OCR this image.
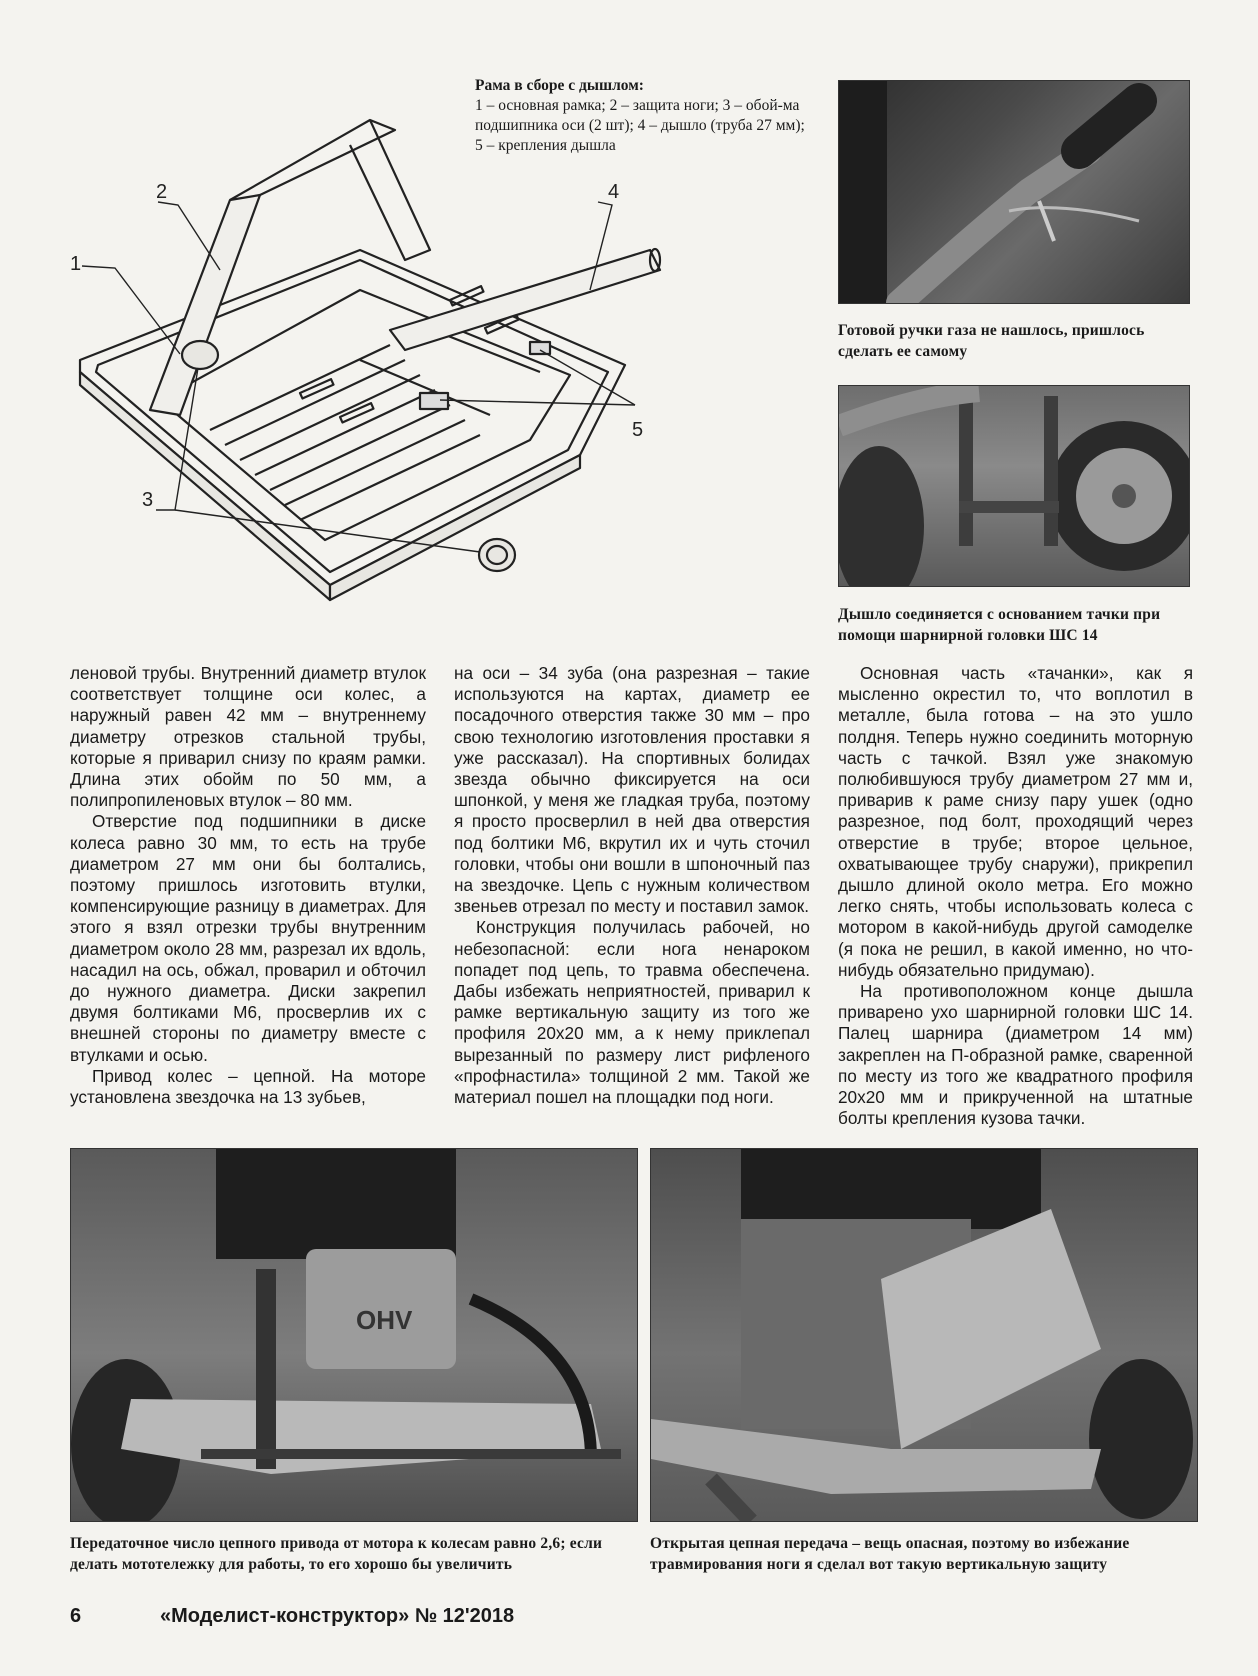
Рама в сборе с дышлом:
1 – основная рамка; 2 – защита ноги; 3 – обой-ма подшипника оси (2 шт); 4 – дышло (труба 27 мм); 5 – крепления дышла
1
2
3
4
5
Готовой ручки газа не нашлось, пришлось сделать ее самому
Дышло соединяется с основанием тачки при помощи шарнирной головки ШС 14

леновой трубы. Внутренний диаметр втулок соответствует толщине оси колес, а наружный равен 42 мм – внутреннему диаметру отрезков стальной трубы, которые я приварил снизу по краям рамки. Длина этих обойм по 50 мм, а полипропиленовых втулок – 80 мм.

Отверстие под подшипники в диске колеса равно 30 мм, то есть на трубе диаметром 27 мм они бы болтались, поэтому пришлось изготовить втулки, компенсирующие разницу в диаметрах. Для этого я взял отрезки трубы внутренним диаметром около 28 мм, разрезал их вдоль, насадил на ось, обжал, проварил и обточил до нужного диаметра. Диски закрепил двумя болтиками М6, просверлив их с внешней стороны по диаметру вместе с втулками и осью.

Привод колес – цепной. На моторе установлена звездочка на 13 зубьев,

на оси – 34 зуба (она разрезная – такие используются на картах, диаметр ее посадочного отверстия также 30 мм – про свою технологию изготовления проставки я уже рассказал). На спортивных болидах звезда обычно фиксируется на оси шпонкой, у меня же гладкая труба, поэтому я просто просверлил в ней два отверстия под болтики М6, вкрутил их и чуть сточил головки, чтобы они вошли в шпоночный паз на звездочке. Цепь с нужным количеством звеньев отрезал по месту и поставил замок.

Конструкция получилась рабочей, но небезопасной: если нога ненароком попадет под цепь, то травма обеспечена. Дабы избежать неприятностей, приварил к рамке вертикальную защиту из того же профиля 20х20 мм, а к нему приклепал вырезанный по размеру лист рифленого «профнастила» толщиной 2 мм. Такой же материал пошел на площадки под ноги.

Основная часть «тачанки», как я мысленно окрестил то, что воплотил в металле, была готова – на это ушло полдня. Теперь нужно соединить моторную часть с тачкой. Взял уже знакомую полюбившуюся трубу диаметром 27 мм и, приварив к раме снизу пару ушек (одно разрезное, под болт, проходящий через отверстие в трубе; второе цельное, охватывающее трубу снаружи), прикрепил дышло длиной около метра. Его можно легко снять, чтобы использовать колеса с мотором в какой-нибудь другой самоделке (я пока не решил, в какой именно, но что-нибудь обязательно придумаю).

На противоположном конце дышла приварено ухо шарнирной головки ШС 14. Палец шарнира (диаметром 14 мм) закреплен на П-образной рамке, сваренной по месту из того же квадратного профиля 20х20 мм и прикрученной на штатные болты крепления кузова тачки.

OHV
Передаточное число цепного привода от мотора к колесам равно 2,6; если делать мототележку для работы, то его хорошо бы увеличить
Открытая цепная передача – вещь опасная, поэтому во избежание травмирования ноги я сделал вот такую вертикальную защиту
6	«Моделист-конструктор» № 12'2018
